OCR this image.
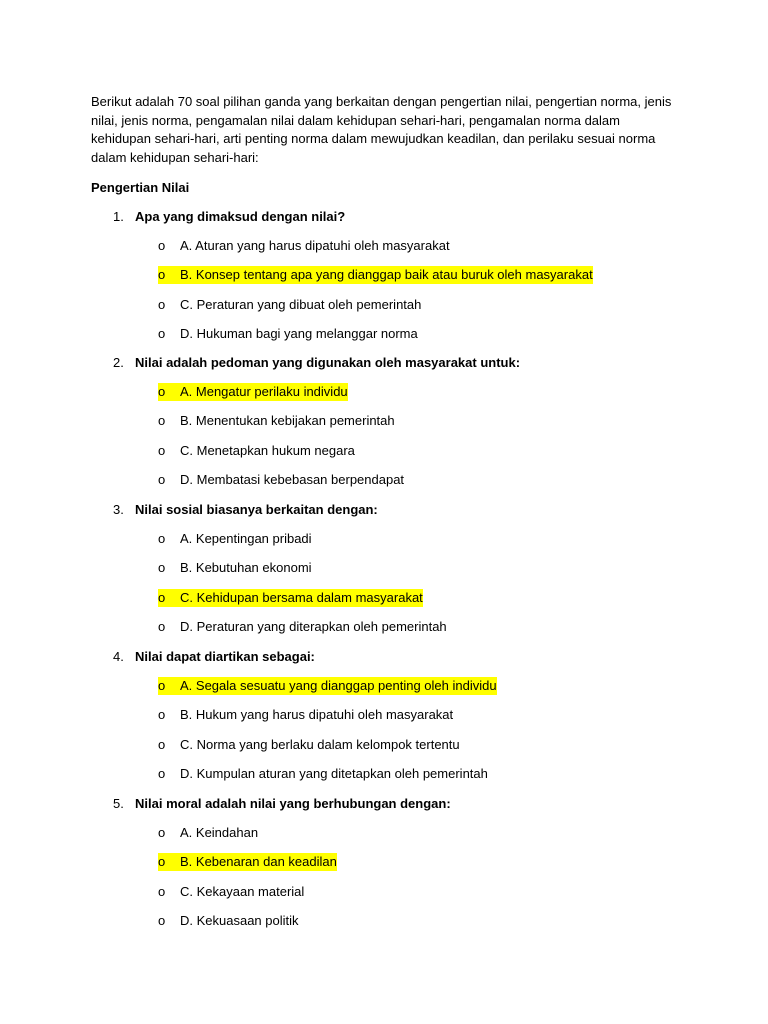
Berikut adalah 70 soal pilihan ganda yang berkaitan dengan pengertian nilai, pengertian norma, jenis nilai, jenis norma, pengamalan nilai dalam kehidupan sehari-hari, pengamalan norma dalam kehidupan sehari-hari, arti penting norma dalam mewujudkan keadilan, dan perilaku sesuai norma dalam kehidupan sehari-hari:

Pengertian Nilai

1. Apa yang dimaksud dengan nilai?
o	A. Aturan yang harus dipatuhi oleh masyarakat
o	B. Konsep tentang apa yang dianggap baik atau buruk oleh masyarakat
o	C. Peraturan yang dibuat oleh pemerintah
o	D. Hukuman bagi yang melanggar norma
2. Nilai adalah pedoman yang digunakan oleh masyarakat untuk:
o	A. Mengatur perilaku individu
o	B. Menentukan kebijakan pemerintah
o	C. Menetapkan hukum negara
o	D. Membatasi kebebasan berpendapat
3. Nilai sosial biasanya berkaitan dengan:
o	A. Kepentingan pribadi
o	B. Kebutuhan ekonomi
o	C. Kehidupan bersama dalam masyarakat
o	D. Peraturan yang diterapkan oleh pemerintah
4. Nilai dapat diartikan sebagai:
o	A. Segala sesuatu yang dianggap penting oleh individu
o	B. Hukum yang harus dipatuhi oleh masyarakat
o	C. Norma yang berlaku dalam kelompok tertentu
o	D. Kumpulan aturan yang ditetapkan oleh pemerintah
5. Nilai moral adalah nilai yang berhubungan dengan:
o	A. Keindahan
o	B. Kebenaran dan keadilan
o	C. Kekayaan material
o	D. Kekuasaan politik
